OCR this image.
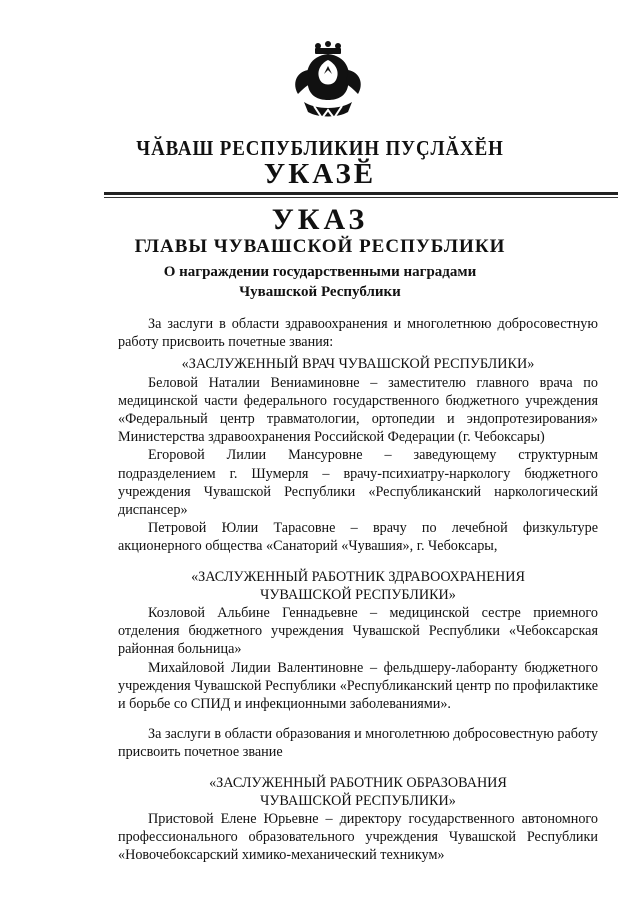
ЧӐВАШ РЕСПУБЛИКИН ПУҪЛӐХӖН
УКАЗӖ
УКАЗ
ГЛАВЫ ЧУВАШСКОЙ РЕСПУБЛИКИ
О награждении государственными наградами
Чувашской Республики

За заслуги в области здравоохранения и многолетнюю добросовестную работу присвоить почетные звания:

«ЗАСЛУЖЕННЫЙ ВРАЧ ЧУВАШСКОЙ РЕСПУБЛИКИ»

Беловой Наталии Вениаминовне – заместителю главного врача по медицинской части федерального государственного бюджетного учреждения «Федеральный центр травматологии, ортопедии и эндопротезирования» Министерства здравоохранения Российской Федерации (г. Чебоксары)

Егоровой Лилии Мансуровне – заведующему структурным подразделением г. Шумерля – врачу-психиатру-наркологу бюджетного учреждения Чувашской Республики «Республиканский наркологический диспансер»

Петровой Юлии Тарасовне – врачу по лечебной физкультуре акционерного общества «Санаторий «Чувашия», г. Чебоксары,

«ЗАСЛУЖЕННЫЙ РАБОТНИК ЗДРАВООХРАНЕНИЯ

ЧУВАШСКОЙ РЕСПУБЛИКИ»

Козловой Альбине Геннадьевне – медицинской сестре приемного отделения бюджетного учреждения Чувашской Республики «Чебоксарская районная больница»

Михайловой Лидии Валентиновне – фельдшеру-лаборанту бюджетного учреждения Чувашской Республики «Республиканский центр по профилактике и борьбе со СПИД и инфекционными заболеваниями».

За заслуги в области образования и многолетнюю добросовестную работу присвоить почетное звание

«ЗАСЛУЖЕННЫЙ РАБОТНИК ОБРАЗОВАНИЯ

ЧУВАШСКОЙ РЕСПУБЛИКИ»

Пристовой Елене Юрьевне – директору государственного автономного профессионального образовательного учреждения Чувашской Республики «Новочебоксарский химико-механический техникум»
